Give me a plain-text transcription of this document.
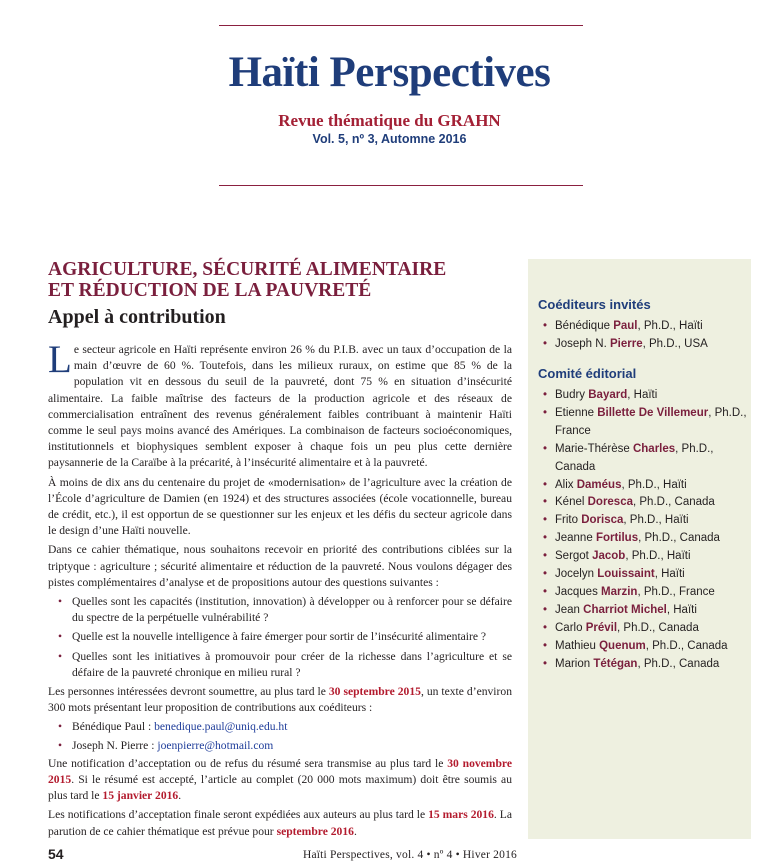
Haïti Perspectives
Revue thématique du GRAHN
Vol. 5, nº 3, Automne 2016
AGRICULTURE, SÉCURITÉ ALIMENTAIRE
ET RÉDUCTION DE LA PAUVRETÉ
Appel à contribution

Le secteur agricole en Haïti représente environ 26 % du P.I.B. avec un taux d’occupation de la main d’œuvre de 60 %. Toutefois, dans les milieux ruraux, on estime que 85 % de la population vit en dessous du seuil de la pauvreté, dont 75 % en situation d’insécurité alimentaire. La faible maîtrise des facteurs de la production agricole et des réseaux de commercialisation entraînent des revenus généralement faibles contribuant à maintenir Haïti comme le seul pays moins avancé des Amériques. La combinaison de facteurs socioéconomiques, institutionnels et biophysiques semblent exposer à chaque fois un peu plus cette dernière paysannerie de la Caraïbe à la précarité, à l’insécurité alimentaire et à la pauvreté.

À moins de dix ans du centenaire du projet de «modernisation» de l’agriculture avec la création de l’École d’agriculture de Damien (en 1924) et des structures associées (école vocationnelle, bureau de crédit, etc.), il est opportun de se questionner sur les enjeux et les défis du secteur agricole dans le design d’une Haïti nouvelle.

Dans ce cahier thématique, nous souhaitons recevoir en priorité des contributions ciblées sur la triptyque : agriculture ; sécurité alimentaire et réduction de la pauvreté. Nous voulons dégager des pistes complémentaires d’analyse et de propositions autour des questions suivantes :

• Quelles sont les capacités (institution, innovation) à développer ou à renforcer pour se défaire du spectre de la perpétuelle vulnérabilité ?
• Quelle est la nouvelle intelligence à faire émerger pour sortir de l’insécurité alimentaire ?
• Quelles sont les initiatives à promouvoir pour créer de la richesse dans l’agriculture et se défaire de la pauvreté chronique en milieu rural ?

Les personnes intéressées devront soumettre, au plus tard le 30 septembre 2015, un texte d’environ 300 mots présentant leur proposition de contributions aux coéditeurs :

• Bénédique Paul : benedique.paul@uniq.edu.ht
• Joseph N. Pierre : joenpierre@hotmail.com

Une notification d’acceptation ou de refus du résumé sera transmise au plus tard le 30 novembre 2015. Si le résumé est accepté, l’article au complet (20 000 mots maximum) doit être soumis au plus tard le 15 janvier 2016.

Les notifications d’acceptation finale seront expédiées aux auteurs au plus tard le 15 mars 2016. La parution de ce cahier thématique est prévue pour septembre 2016.

Coéditeurs invités
• Bénédique Paul, Ph.D., Haïti
• Joseph N. Pierre, Ph.D., USA
Comité éditorial
• Budry Bayard, Haïti
• Etienne Billette De Villemeur, Ph.D., France
• Marie-Thérèse Charles, Ph.D., Canada
• Alix Daméus, Ph.D., Haïti
• Kénel Doresca, Ph.D., Canada
• Frito Dorisca, Ph.D., Haïti
• Jeanne Fortilus, Ph.D., Canada
• Sergot Jacob, Ph.D., Haïti
• Jocelyn Louissaint, Haïti
• Jacques Marzin, Ph.D., France
• Jean Charriot Michel, Haïti
• Carlo Prévil, Ph.D., Canada
• Mathieu Quenum, Ph.D., Canada
• Marion Tétégan, Ph.D., Canada
54	Haïti Perspectives, vol. 4 • nº 4 • Hiver 2016
